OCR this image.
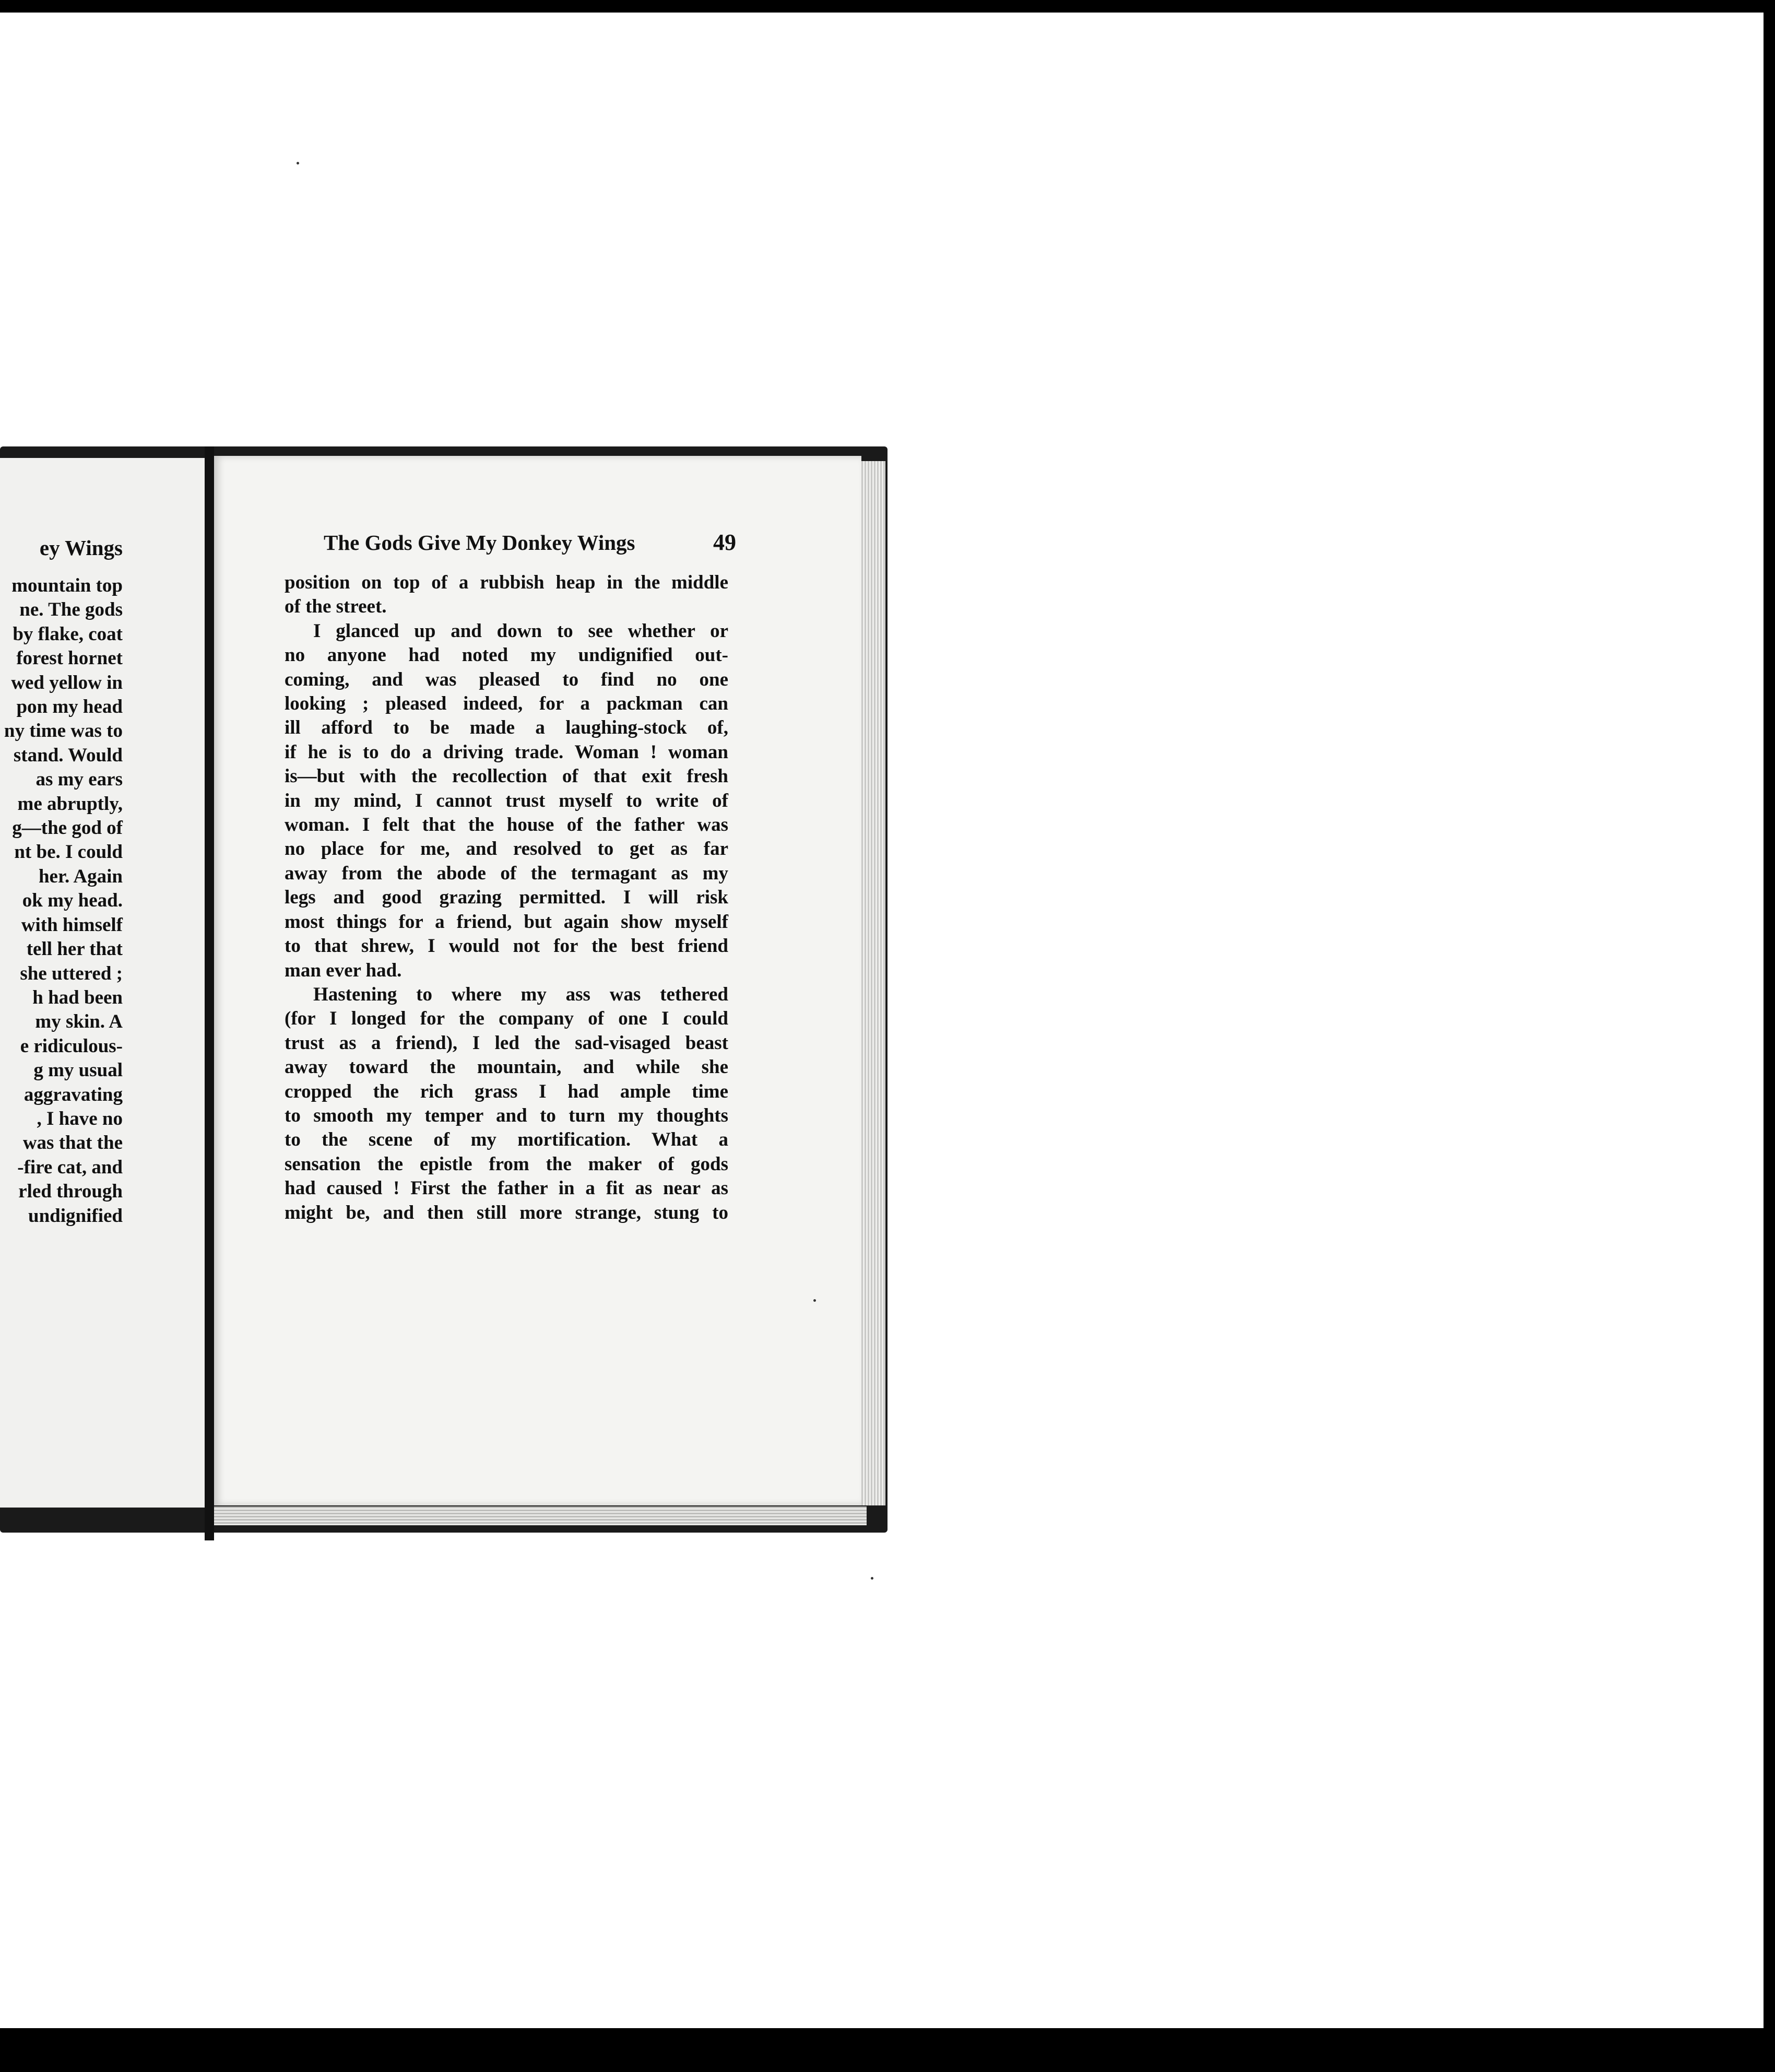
ey Wings
mountain top
ne. The gods
by flake, coat
forest hornet
wed yellow in
pon my head
ny time was to
stand. Would
as my ears
me abruptly,
g—the god of
nt be. I could
her. Again
ok my head.
with himself
tell her that
she uttered ;
h had been
my skin. A
e ridiculous-
g my usual
aggravating
, I have no
was that the
-fire cat, and
rled through
undignified
The Gods Give My Donkey Wings	49
position on top of a rubbish heap in the middle
of the street.
I glanced up and down to see whether or
no anyone had noted my undignified out-
coming, and was pleased to find no one
looking ; pleased indeed, for a packman can
ill afford to be made a laughing-stock of,
if he is to do a driving trade. Woman ! woman
is—but with the recollection of that exit fresh
in my mind, I cannot trust myself to write of
woman. I felt that the house of the father was
no place for me, and resolved to get as far
away from the abode of the termagant as my
legs and good grazing permitted. I will risk
most things for a friend, but again show myself
to that shrew, I would not for the best friend
man ever had.
Hastening to where my ass was tethered
(for I longed for the company of one I could
trust as a friend), I led the sad-visaged beast
away toward the mountain, and while she
cropped the rich grass I had ample time
to smooth my temper and to turn my thoughts
to the scene of my mortification. What a
sensation the epistle from the maker of gods
had caused ! First the father in a fit as near as
might be, and then still more strange, stung to
